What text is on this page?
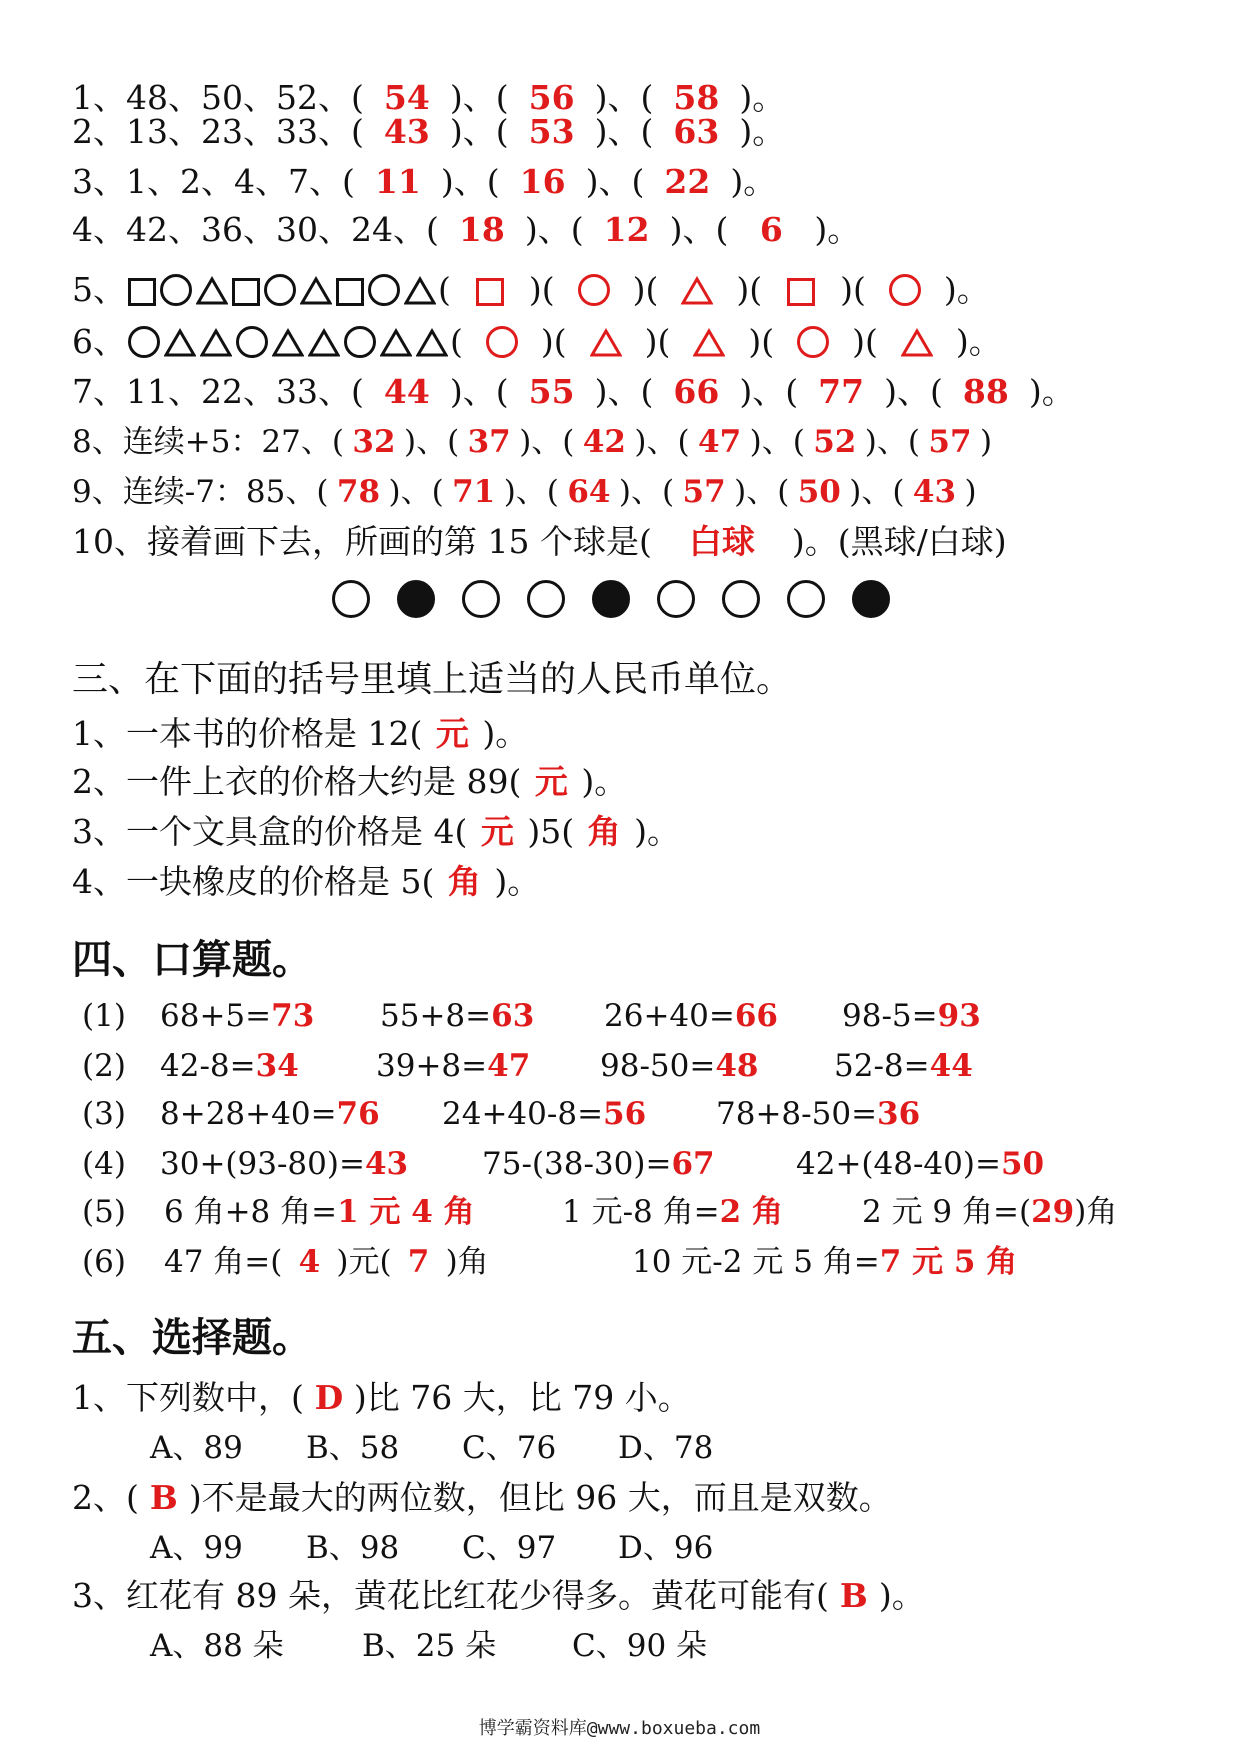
1、48、50、52、( 54 )、( 56 )、( 58 )。
2、13、23、33、( 43 )、( 53 )、( 63 )。
3、1、2、4、7、( 11 )、( 16 )、( 22 )。
4、42、36、30、24、( 18 )、( 12 )、( 6 )。
5、	( )( )( )( )( )。
6、	( )( )( )( )( )。
7、11、22、33、( 44 )、( 55 )、( 66 )、( 77 )、( 88 )。
8、连续+5：27、( 32 )、( 37 )、( 42 )、( 47 )、( 52 )、( 57 )
9、连续-7：85、( 78 )、( 71 )、( 64 )、( 57 )、( 50 )、( 43 )
10、接着画下去，所画的第 15 个球是( 白球 )。(黑球/白球)
三、在下面的括号里填上适当的人民币单位。
1、一本书的价格是 12( 元 )。
2、一件上衣的价格大约是 89( 元 )。
3、一个文具盒的价格是 4( 元 )5( 角 )。
4、一块橡皮的价格是 5( 角 )。
四、口算题。
(1) 68+5=73 55+8=63 26+40=66 98-5=93
(2) 42-8=34 39+8=47 98-50=48 52-8=44
(3) 8+28+40=76 24+40-8=56 78+8-50=36
(4) 30+(93-80)=43 75-(38-30)=67	42+(48-40)=50
(5) 6 角+8 角=1 元 4 角	1 元-8 角=2 角	2 元 9 角=(29)角
(6) 47 角=( 4 )元( 7 )角	10 元-2 元 5 角=7 元 5 角
五、选择题。
1、下列数中，( D )比 76 大，比 79 小。
A、89 B、58 C、76 D、78
2、( B )不是最大的两位数，但比 96 大，而且是双数。
A、99 B、98 C、97 D、96
3、红花有 89 朵，黄花比红花少得多。黄花可能有( B )。
A、88 朵	B、25 朵 C、90 朵
博学霸资料库@www.boxueba.com
